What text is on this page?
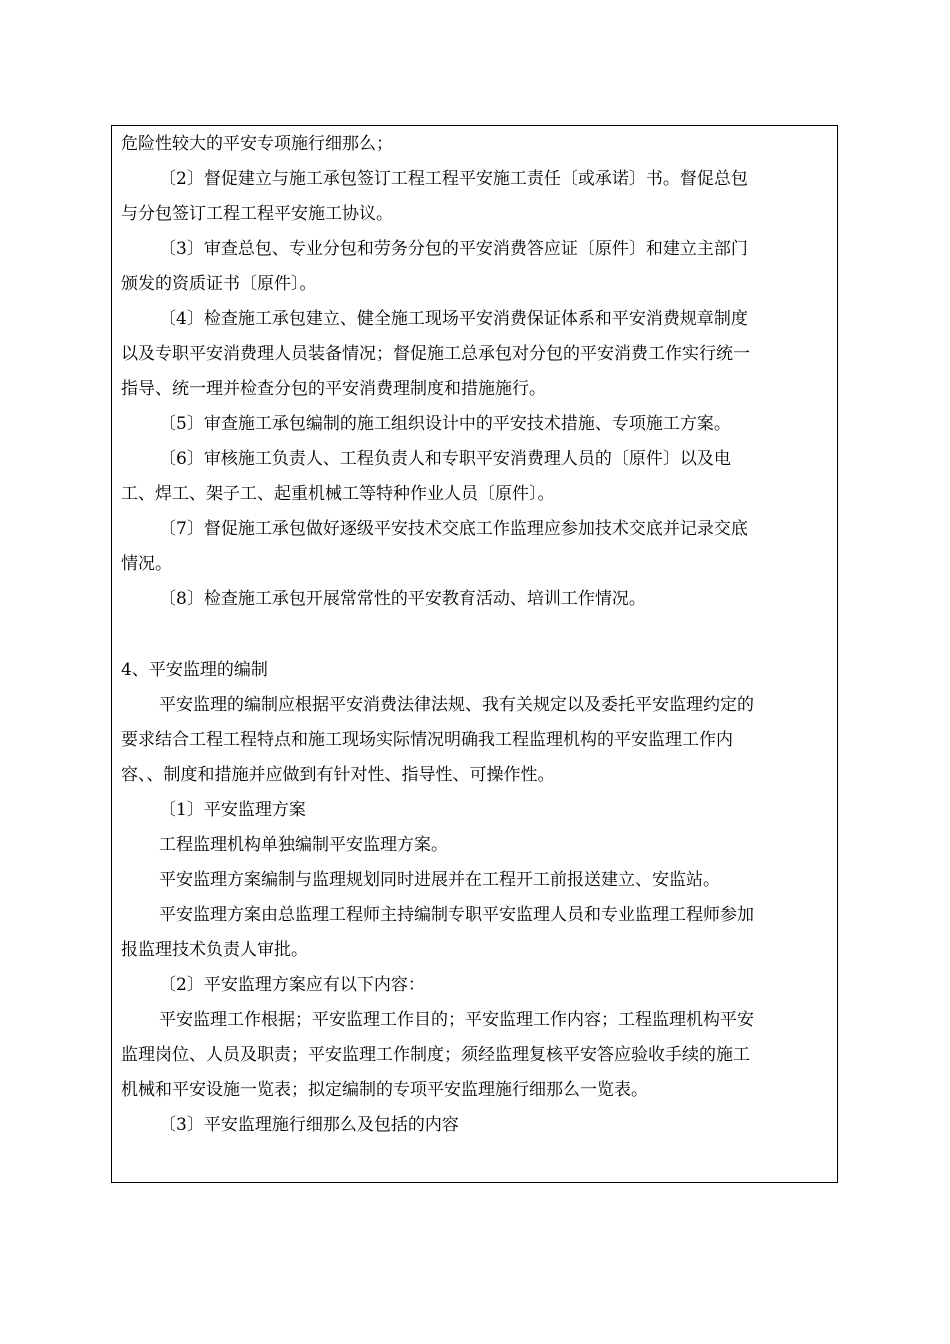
危险性较大的平安专项施行细那么；
〔2〕督促建立与施工承包签订工程工程平安施工责任〔或承诺〕书。督促总包
与分包签订工程工程平安施工协议。
〔3〕审查总包、专业分包和劳务分包的平安消费答应证〔原件〕和建立主部门
颁发的资质证书〔原件〕。
〔4〕检查施工承包建立、健全施工现场平安消费保证体系和平安消费规章制度
以及专职平安消费理人员装备情况；督促施工总承包对分包的平安消费工作实行统一
指导、统一理并检查分包的平安消费理制度和措施施行。
〔5〕审查施工承包编制的施工组织设计中的平安技术措施、专项施工方案。
〔6〕审核施工负责人、工程负责人和专职平安消费理人员的〔原件〕以及电
工、焊工、架子工、起重机械工等特种作业人员〔原件〕。
〔7〕督促施工承包做好逐级平安技术交底工作监理应参加技术交底并记录交底
情况。
〔8〕检查施工承包开展常常性的平安教育活动、培训工作情况。
4、平安监理的编制
平安监理的编制应根据平安消费法律法规、我有关规定以及委托平安监理约定的
要求结合工程工程特点和施工现场实际情况明确我工程监理机构的平安监理工作内
容、、制度和措施并应做到有针对性、指导性、可操作性。
〔1〕平安监理方案
工程监理机构单独编制平安监理方案。
平安监理方案编制与监理规划同时进展并在工程开工前报送建立、安监站。
平安监理方案由总监理工程师主持编制专职平安监理人员和专业监理工程师参加
报监理技术负责人审批。
〔2〕平安监理方案应有以下内容：
平安监理工作根据；平安监理工作目的；平安监理工作内容；工程监理机构平安
监理岗位、人员及职责；平安监理工作制度；须经监理复核平安答应验收手续的施工
机械和平安设施一览表；拟定编制的专项平安监理施行细那么一览表。
〔3〕平安监理施行细那么及包括的内容
